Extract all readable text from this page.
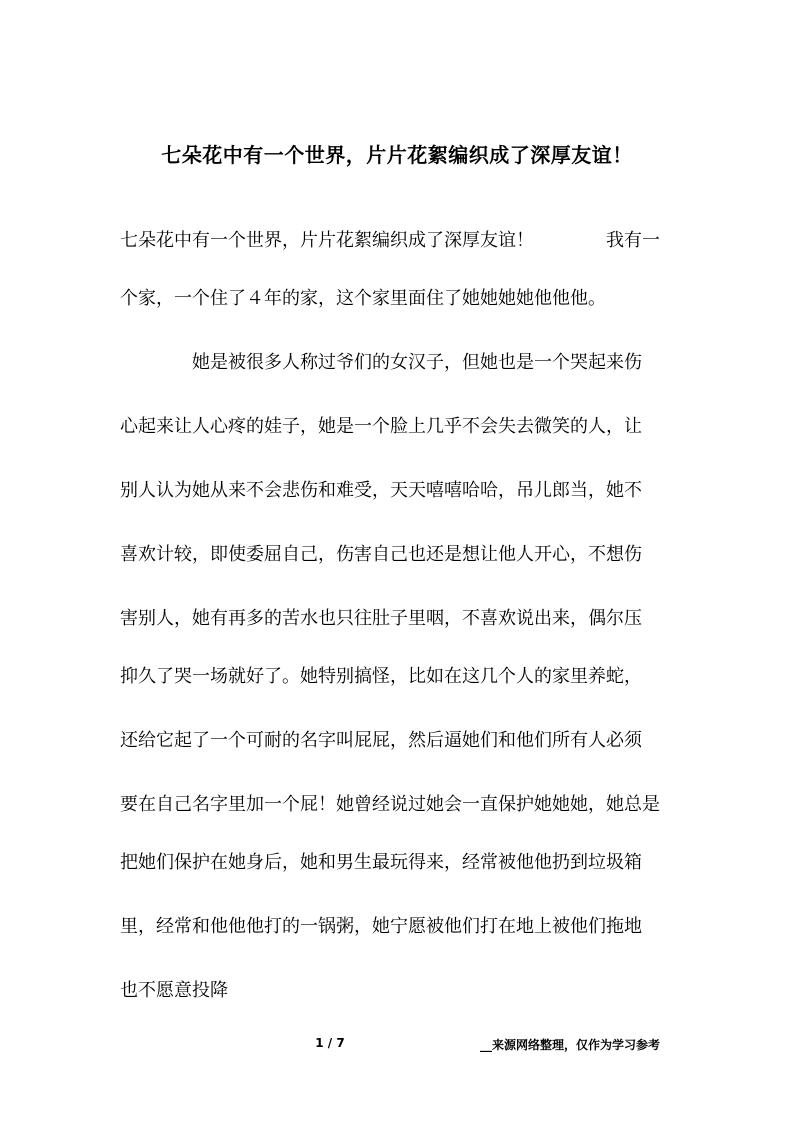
七朵花中有一个世界，片片花絮编织成了深厚友谊！
七朵花中有一个世界，片片花絮编织成了深厚友谊！	我有一
个家，一个住了４年的家，这个家里面住了她她她她他他他。
她是被很多人称过爷们的女汉子，但她也是一个哭起来伤
心起来让人心疼的娃子，她是一个脸上几乎不会失去微笑的人，让
别人认为她从来不会悲伤和难受，天天嘻嘻哈哈，吊儿郎当，她不
喜欢计较，即使委屈自己，伤害自己也还是想让他人开心，不想伤
害别人，她有再多的苦水也只往肚子里咽，不喜欢说出来，偶尔压
抑久了哭一场就好了。她特别搞怪，比如在这几个人的家里养蛇，
还给它起了一个可耐的名字叫屁屁，然后逼她们和他们所有人必须
要在自己名字里加一个屁！她曾经说过她会一直保护她她她，她总是
把她们保护在她身后，她和男生最玩得来，经常被他他扔到垃圾箱
里，经常和他他他打的一锅粥，她宁愿被他们打在地上被他们拖地
也不愿意投降
1 / 7	__来源网络整理，仅作为学习参考
